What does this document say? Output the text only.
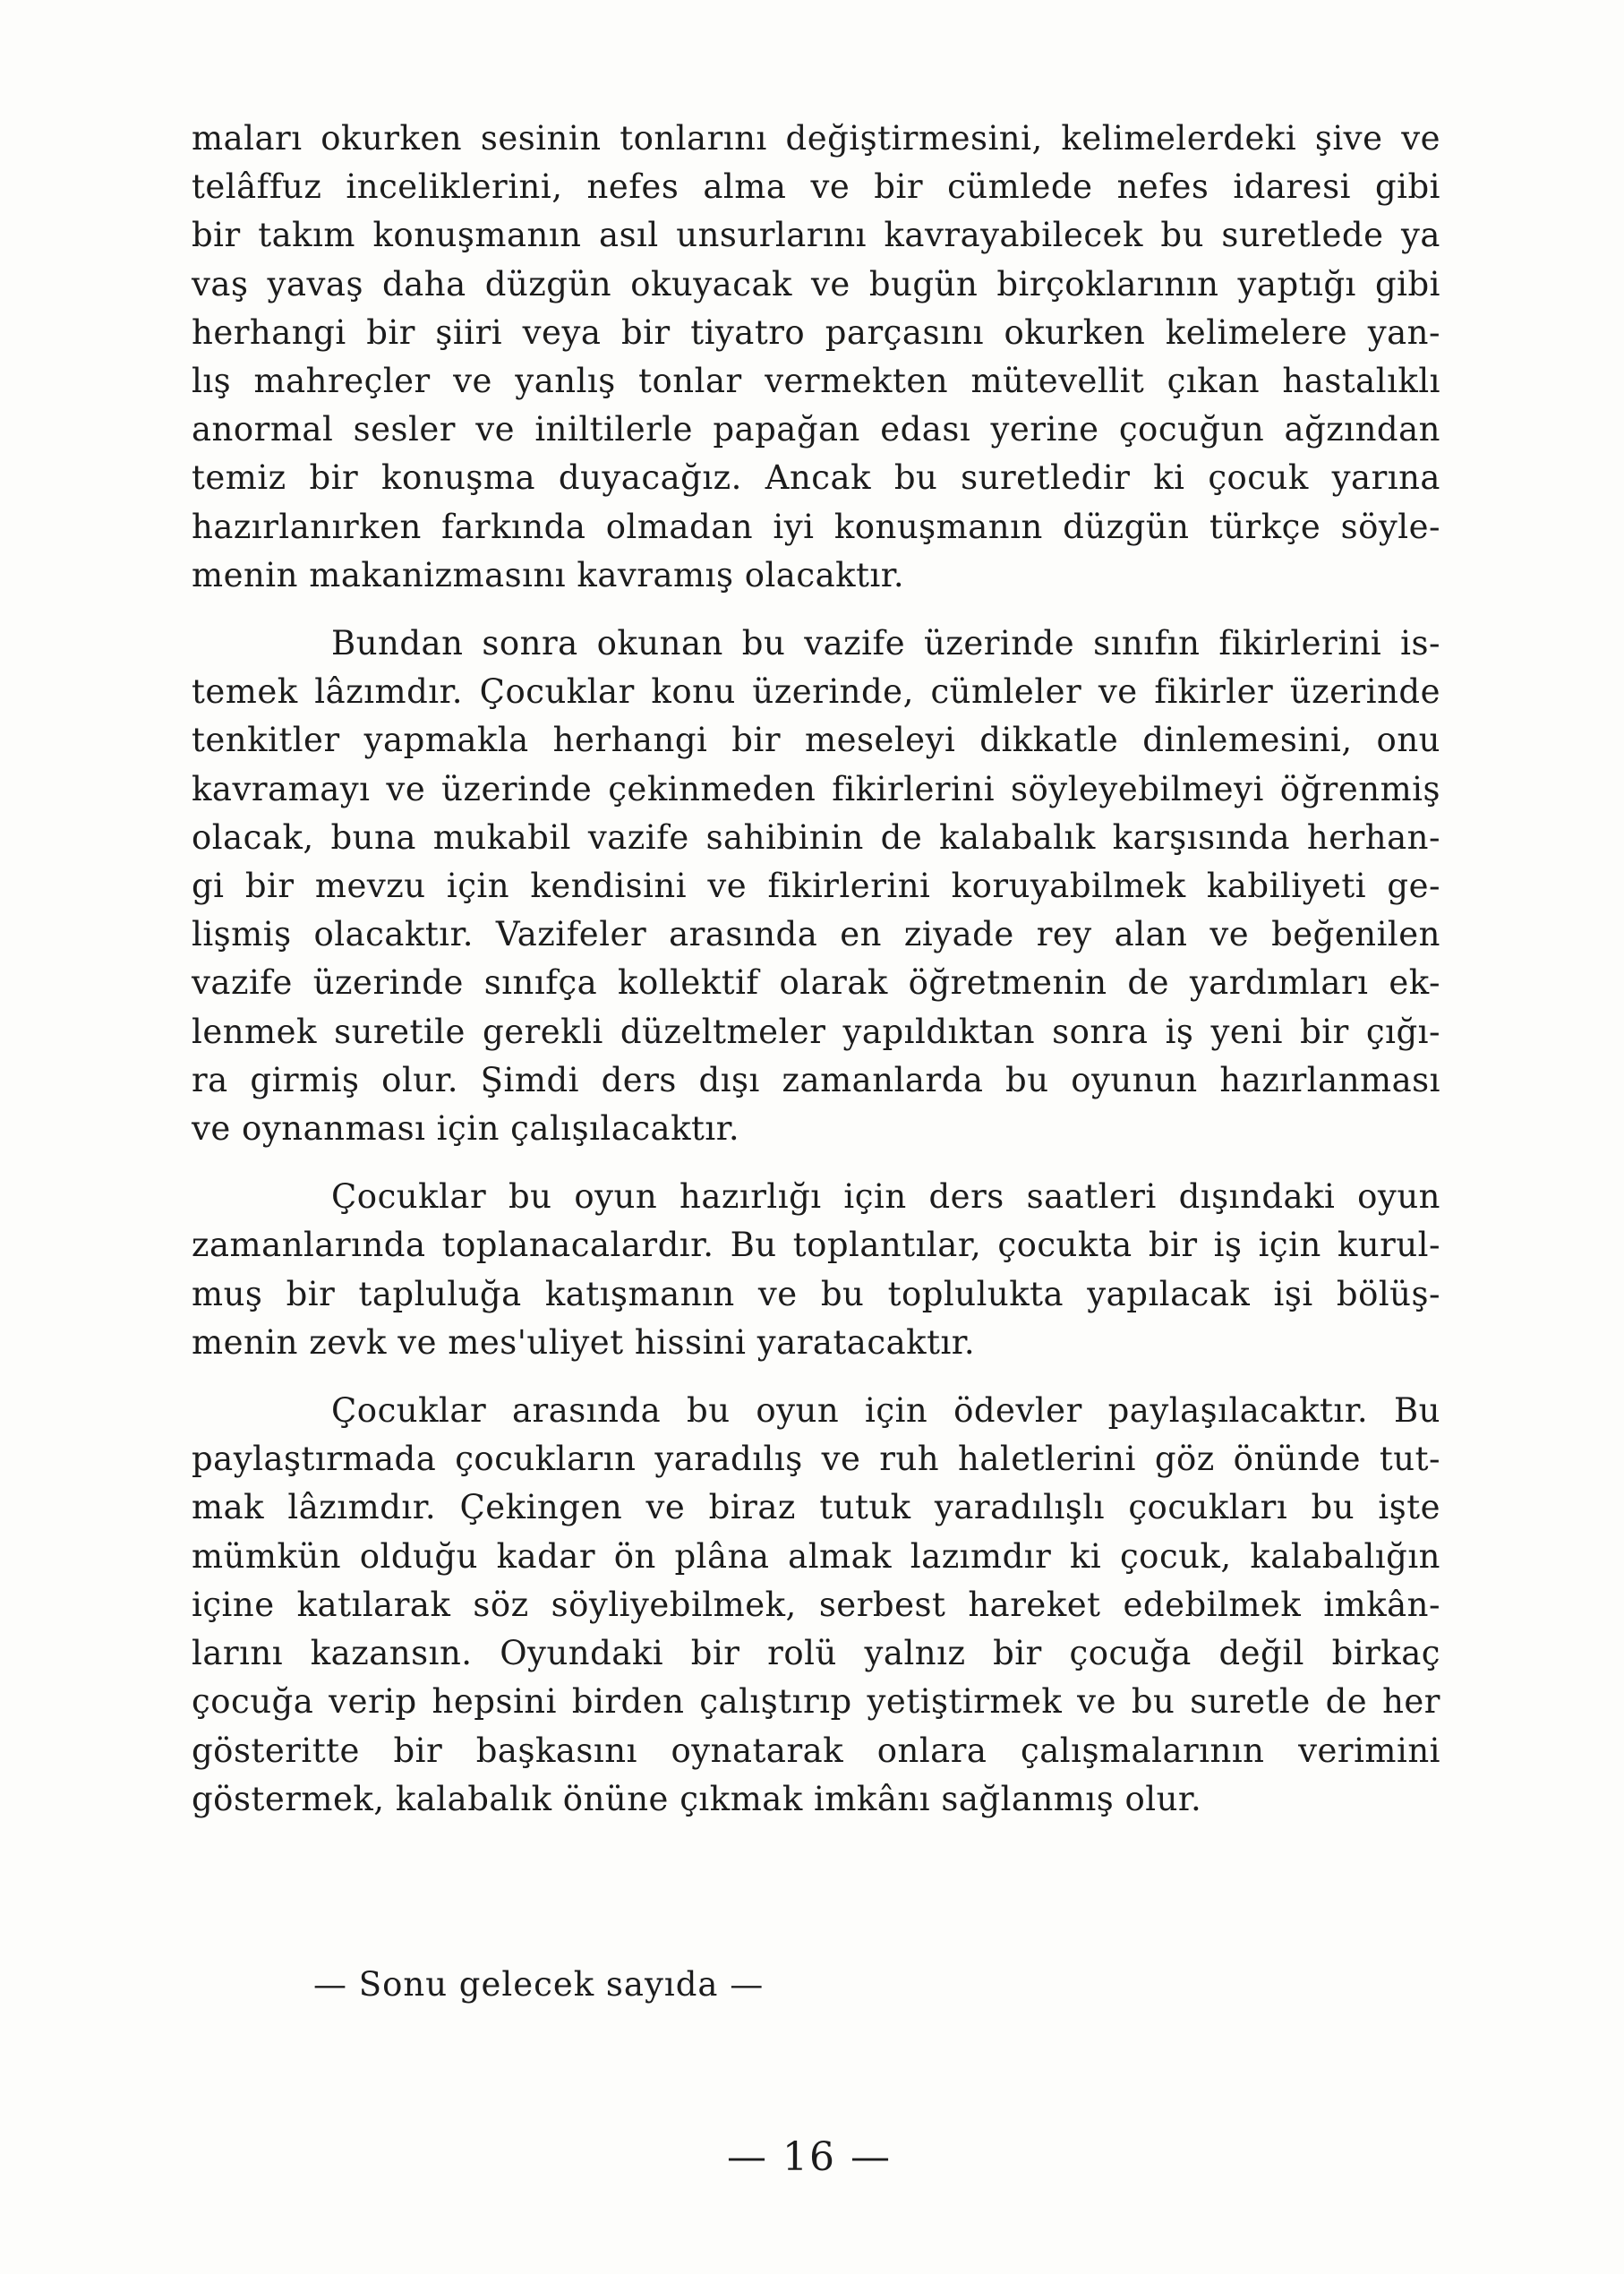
maları okurken sesinin tonlarını değiştirmesini, kelimelerdeki şive ve
telâffuz inceliklerini, nefes alma ve bir cümlede nefes idaresi gibi
bir takım konuşmanın asıl unsurlarını kavrayabilecek bu suretlede ya
vaş yavaş daha düzgün okuyacak ve bugün birçoklarının yaptığı gibi
herhangi bir şiiri veya bir tiyatro parçasını okurken kelimelere yan-
lış mahreçler ve yanlış tonlar vermekten mütevellit çıkan hastalıklı
anormal sesler ve iniltilerle papağan edası yerine çocuğun ağzından
temiz bir konuşma duyacağız. Ancak bu suretledir ki çocuk yarına
hazırlanırken farkında olmadan iyi konuşmanın düzgün türkçe söyle-
menin makanizmasını kavramış olacaktır.
Bundan sonra okunan bu vazife üzerinde sınıfın fikirlerini is-
temek lâzımdır. Çocuklar konu üzerinde, cümleler ve fikirler üzerinde
tenkitler yapmakla herhangi bir meseleyi dikkatle dinlemesini, onu
kavramayı ve üzerinde çekinmeden fikirlerini söyleyebilmeyi öğrenmiş
olacak, buna mukabil vazife sahibinin de kalabalık karşısında herhan-
gi bir mevzu için kendisini ve fikirlerini koruyabilmek kabiliyeti ge-
lişmiş olacaktır. Vazifeler arasında en ziyade rey alan ve beğenilen
vazife üzerinde sınıfça kollektif olarak öğretmenin de yardımları ek-
lenmek suretile gerekli düzeltmeler yapıldıktan sonra iş yeni bir çığı-
ra girmiş olur. Şimdi ders dışı zamanlarda bu oyunun hazırlanması
ve oynanması için çalışılacaktır.
Çocuklar bu oyun hazırlığı için ders saatleri dışındaki oyun
zamanlarında toplanacalardır. Bu toplantılar, çocukta bir iş için kurul-
muş bir tapluluğa katışmanın ve bu toplulukta yapılacak işi bölüş-
menin zevk ve mes'uliyet hissini yaratacaktır.
Çocuklar arasında bu oyun için ödevler paylaşılacaktır. Bu
paylaştırmada çocukların yaradılış ve ruh haletlerini göz önünde tut-
mak lâzımdır. Çekingen ve biraz tutuk yaradılışlı çocukları bu işte
mümkün olduğu kadar ön plâna almak lazımdır ki çocuk, kalabalığın
içine katılarak söz söyliyebilmek, serbest hareket edebilmek imkân-
larını kazansın. Oyundaki bir rolü yalnız bir çocuğa değil birkaç
çocuğa verip hepsini birden çalıştırıp yetiştirmek ve bu suretle de her
gösteritte bir başkasını oynatarak onlara çalışmalarının verimini
göstermek, kalabalık önüne çıkmak imkânı sağlanmış olur.
— Sonu gelecek sayıda —
— 16 —
